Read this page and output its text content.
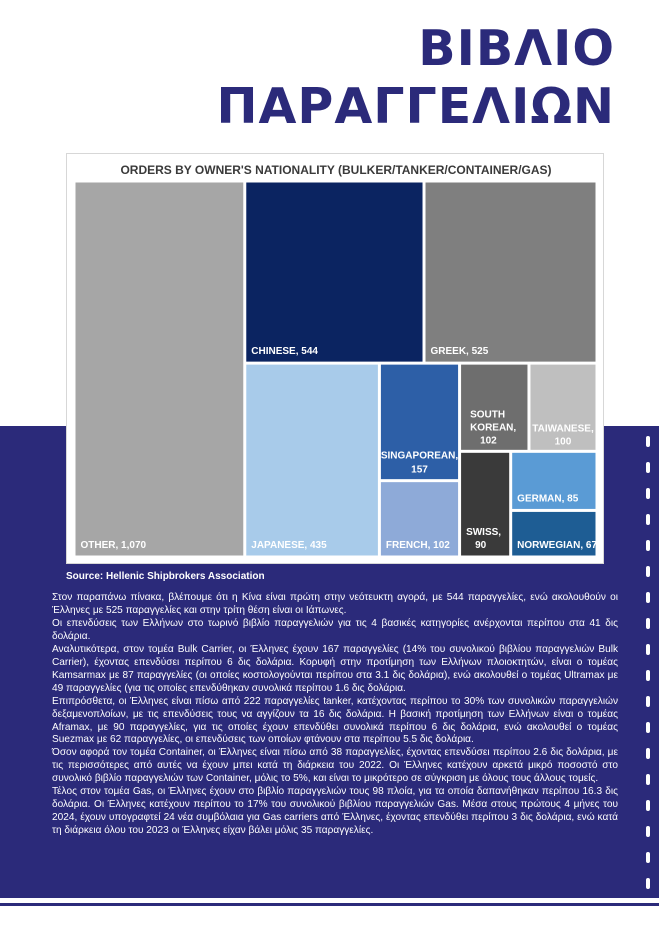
ΒΙΒΛΙΟ
ΠΑΡΑΓΓΕΛΙΩΝ
ORDERS BY OWNER'S NATIONALITY (BULKER/TANKER/CONTAINER/GAS)
OTHER, 1,070
CHINESE, 544	GREEK, 525
JAPANESE, 435
SINGAPOREAN, 157
SOUTH KOREAN, 102
TAIWANESE, 100
FRENCH, 102
SWISS, 90
GERMAN, 85
NORWEGIAN, 67
Source: Hellenic Shipbrokers Association

Στον παραπάνω πίνακα, βλέπουμε ότι η Κίνα είναι πρώτη στην νεότευκτη αγορά, με 544 παραγγελίες, ενώ ακολουθούν οι Έλληνες με 525 παραγγελίες και στην τρίτη θέση είναι οι Ιάπωνες.

Οι επενδύσεις των Ελλήνων στο τωρινό βιβλίο παραγγελιών για τις 4 βασικές κατηγορίες ανέρχονται περίπου στα 41 δις δολάρια.

Αναλυτικότερα, στον τομέα Bulk Carrier, οι Έλληνες έχουν 167 παραγγελίες (14% του συνολικού βιβλίου παραγγελιών Bulk Carrier), έχοντας επενδύσει περίπου 6 δις δολάρια. Κορυφή στην προτίμηση των Ελλήνων πλοιοκτητών, είναι ο τομέας Kamsarmax με 87 παραγγελίες (οι οποίες κοστολογούνται περίπου στα 3.1 δις δολάρια), ενώ ακολουθεί ο τομέας Ultramax με 49 παραγγελίες (για τις οποίες επενδύθηκαν συνολικά περίπου 1.6 δις δολάρια.

Επιπρόσθετα, οι Έλληνες είναι πίσω από 222 παραγγελίες tanker, κατέχοντας περίπου το 30% των συνολικών παραγγελιών δεξαμενοπλοίων, με τις επενδύσεις τους να αγγίζουν τα 16 δις δολάρια. Η βασική προτίμηση των Ελλήνων είναι ο τομέας Aframax, με 90 παραγγελίες, για τις οποίες έχουν επενδύθει συνολικά περίπου 6 δις δολάρια, ενώ ακολουθεί ο τομέας Suezmax με 62 παραγγελίες, οι επενδύσεις των οποίων φτάνουν στα περίπου 5.5 δις δολάρια.

Όσον αφορά τον τομέα Container, οι Έλληνες είναι πίσω από 38 παραγγελίες, έχοντας επενδύσει περίπου 2.6 δις δολάρια, με τις περισσότερες από αυτές να έχουν μπει κατά τη διάρκεια του 2022. Οι Έλληνες κατέχουν αρκετά μικρό ποσοστό στο συνολικό βιβλίο παραγγελιών των Container, μόλις το 5%, και είναι το μικρότερο σε σύγκριση με όλους τους άλλους τομείς.

Τέλος στον τομέα Gas, οι Έλληνες έχουν στο βιβλίο παραγγελιών τους 98 πλοία, για τα οποία δαπανήθηκαν περίπου 16.3 δις δολάρια. Οι Έλληνες κατέχουν περίπου το 17% του συνολικού βιβλίου παραγγελιών Gas. Μέσα στους πρώτους 4 μήνες του 2024, έχουν υπογραφτεί 24 νέα συμβόλαια για Gas carriers από Έλληνες, έχοντας επενδύθει περίπου 3 δις δολάρια, ενώ κατά τη διάρκεια όλου του 2023 οι Έλληνες είχαν βάλει μόλις 35 παραγγελίες.
